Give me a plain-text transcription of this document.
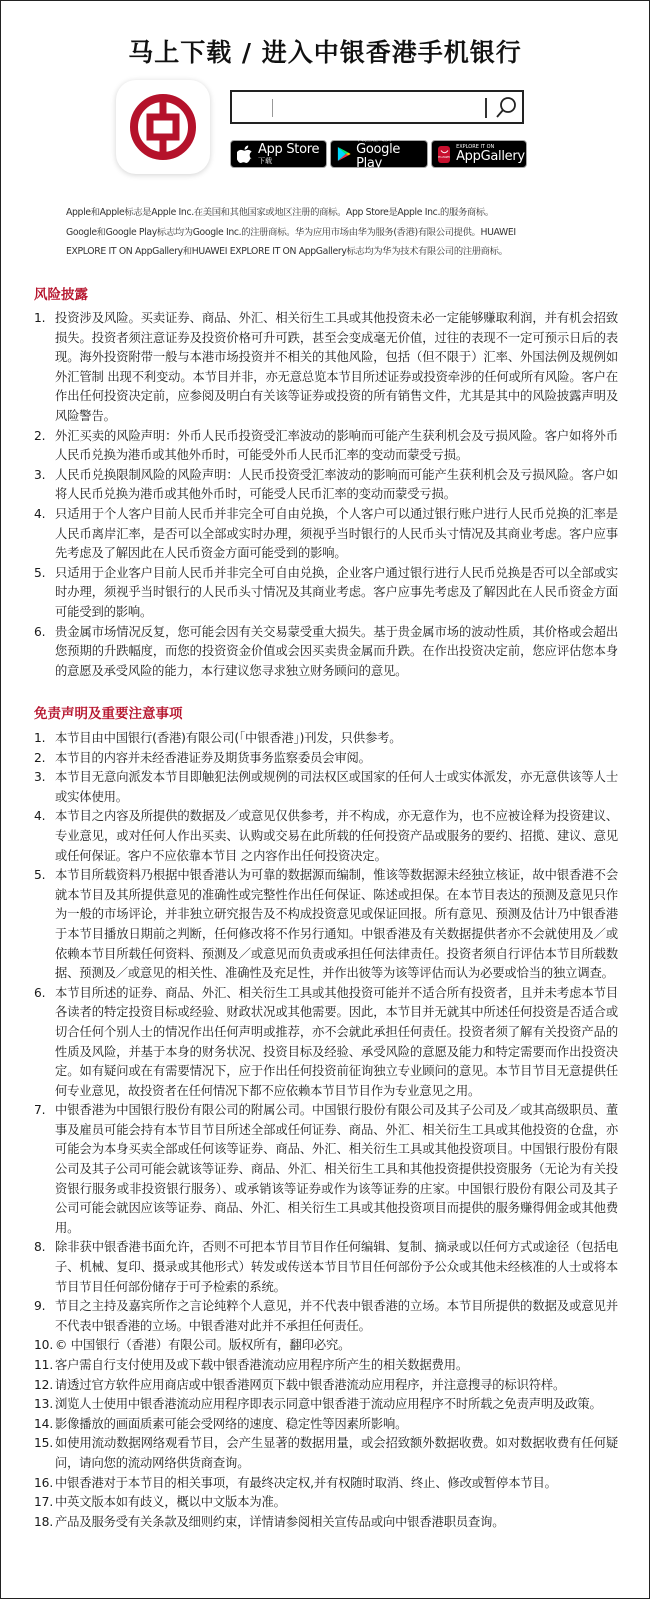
马上下载 / 进入中银香港手机银行
App Store
下载
下载应用，请到
Google Play	HUAWEI
EXPLORE IT ON
AppGallery
Apple和Apple标志是Apple Inc.在美国和其他国家或地区注册的商标。App Store是Apple Inc.的服务商标。
Google和Google Play标志均为Google Inc.的注册商标。华为应用市场由华为服务(香港)有限公司提供。HUAWEI
EXPLORE IT ON AppGallery和HUAWEI EXPLORE IT ON AppGallery标志均为华为技术有限公司的注册商标。
风险披露
1. 投资涉及风险。买卖证券、商品、外汇、相关衍生工具或其他投资未必一定能够赚取利润，并有机会招致损失。投资者须注意证券及投资价格可升可跌，甚至会变成毫无价值，过往的表现不一定可预示日后的表现。海外投资附带一般与本港市场投资并不相关的其他风险，包括（但不限于）汇率、外国法例及规例如外汇管制 出现不利变动。本节目并非，亦无意总览本节目所述证券或投资牵涉的任何或所有风险。客户在作出任何投资决定前，应参阅及明白有关该等证券或投资的所有销售文件，尤其是其中的风险披露声明及风险警告。
2. 外汇买卖的风险声明：外币人民币投资受汇率波动的影响而可能产生获利机会及亏损风险。客户如将外币人民币兑换为港币或其他外币时，可能受外币人民币汇率的变动而蒙受亏损。
3. 人民币兑换限制风险的风险声明：人民币投资受汇率波动的影响而可能产生获利机会及亏损风险。客户如将人民币兑换为港币或其他外币时，可能受人民币汇率的变动而蒙受亏损。
4. 只适用于个人客户目前人民币并非完全可自由兑换，个人客户可以通过银行账户进行人民币兑换的汇率是人民币离岸汇率，是否可以全部或实时办理，须视乎当时银行的人民币头寸情况及其商业考虑。客户应事先考虑及了解因此在人民币资金方面可能受到的影响。
5. 只适用于企业客户目前人民币并非完全可自由兑换，企业客户通过银行进行人民币兑换是否可以全部或实时办理，须视乎当时银行的人民币头寸情况及其商业考虑。客户应事先考虑及了解因此在人民币资金方面可能受到的影响。
6. 贵金属市场情况反复，您可能会因有关交易蒙受重大损失。基于贵金属市场的波动性质，其价格或会超出您预期的升跌幅度，而您的投资资金价值或会因买卖贵金属而升跌。在作出投资决定前，您应评估您本身的意愿及承受风险的能力，本行建议您寻求独立财务顾问的意见。
免责声明及重要注意事项
1. 本节目由中国银行(香港)有限公司(「中银香港」)刊发，只供参考。
2. 本节目的内容并未经香港证券及期货事务监察委员会审阅。
3. 本节目无意向派发本节目即触犯法例或规例的司法权区或国家的任何人士或实体派发，亦无意供该等人士或实体使用。
4. 本节目之内容及所提供的数据及／或意见仅供参考，并不构成，亦无意作为，也不应被诠释为投资建议、专业意见，或对任何人作出买卖、认购或交易在此所载的任何投资产品或服务的要约、招揽、建议、意见或任何保证。客户不应依靠本节目 之内容作出任何投资决定。
5. 本节目所载资料乃根据中银香港认为可靠的数据源而编制，惟该等数据源未经独立核证，故中银香港不会就本节目及其所提供意见的准确性或完整性作出任何保证、陈述或担保。在本节目表达的预测及意见只作为一般的市场评论，并非独立研究报告及不构成投资意见或保证回报。所有意见、预测及估计乃中银香港于本节目播放日期前之判断，任何修改将不作另行通知。中银香港及有关数据提供者亦不会就使用及／或依赖本节目所载任何资料、预测及／或意见而负责或承担任何法律责任。投资者须自行评估本节目所载数据、预测及／或意见的相关性、准确性及充足性，并作出彼等为该等评估而认为必要或恰当的独立调查。
6. 本节目所述的证券、商品、外汇、相关衍生工具或其他投资可能并不适合所有投资者，且并未考虑本节目各读者的特定投资目标或经验、财政状况或其他需要。因此，本节目并无就其中所述任何投资是否适合或切合任何个别人士的情况作出任何声明或推荐，亦不会就此承担任何责任。投资者须了解有关投资产品的性质及风险，并基于本身的财务状况、投资目标及经验、承受风险的意愿及能力和特定需要而作出投资决定。如有疑问或在有需要情况下，应于作出任何投资前征询独立专业顾问的意见。本节目节目无意提供任何专业意见，故投资者在任何情况下都不应依赖本节目节目作为专业意见之用。
7. 中银香港为中国银行股份有限公司的附属公司。中国银行股份有限公司及其子公司及／或其高级职员、董事及雇员可能会持有本节目节目所述全部或任何证券、商品、外汇、相关衍生工具或其他投资的仓盘，亦可能会为本身买卖全部或任何该等证券、商品、外汇、相关衍生工具或其他投资项目。中国银行股份有限公司及其子公司可能会就该等证券、商品、外汇、相关衍生工具和其他投资提供投资服务（无论为有关投资银行服务或非投资银行服务）、或承销该等证券或作为该等证券的庄家。中国银行股份有限公司及其子公司可能会就因应该等证券、商品、外汇、相关衍生工具或其他投资项目而提供的服务赚得佣金或其他费用。
8. 除非获中银香港书面允许，否则不可把本节目节目作任何编辑、复制、摘录或以任何方式或途径（包括电子、机械、复印、摄录或其他形式）转发或传送本节目节目任何部份予公众或其他未经核准的人士或将本节目节目任何部份储存于可予检索的系统。
9. 节目之主持及嘉宾所作之言论纯粹个人意见，并不代表中银香港的立场。本节目所提供的数据及或意见并不代表中银香港的立场。中银香港对此并不承担任何责任。
10. © 中国银行（香港）有限公司。版权所有，翻印必究。
11. 客户需自行支付使用及或下载中银香港流动应用程序所产生的相关数据费用。
12. 请透过官方软件应用商店或中银香港网页下载中银香港流动应用程序，并注意搜寻的标识符样。
13. 浏览人士使用中银香港流动应用程序即表示同意中银香港于流动应用程序不时所载之免责声明及政策。
14. 影像播放的画面质素可能会受网络的速度、稳定性等因素所影响。
15. 如使用流动数据网络观看节目，会产生显著的数据用量，或会招致额外数据收费。如对数据收费有任何疑问，请向您的流动网络供货商查询。
16. 中银香港对于本节目的相关事项，有最终决定权,并有权随时取消、终止、修改或暂停本节目。
17. 中英文版本如有歧义，概以中文版本为准。
18. 产品及服务受有关条款及细则约束，详情请参阅相关宣传品或向中银香港职员查询。
